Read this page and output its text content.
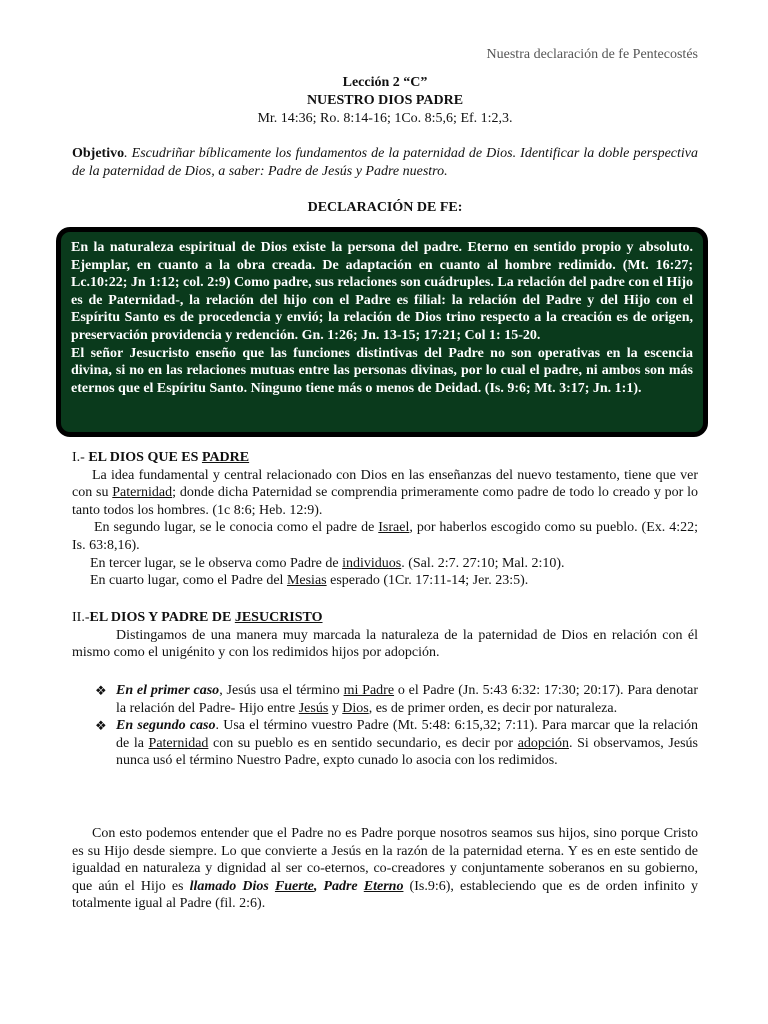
Nuestra declaración de fe Pentecostés
Lección 2 “C”
NUESTRO DIOS PADRE
Mr. 14:36; Ro. 8:14-16; 1Co. 8:5,6; Ef. 1:2,3.
Objetivo. Escudriñar bíblicamente los fundamentos de la paternidad de Dios. Identificar la doble perspectiva de la paternidad de Dios, a saber: Padre de Jesús y Padre nuestro.
DECLARACIÓN DE FE:

En la naturaleza espiritual de Dios existe la persona del padre. Eterno en sentido propio y absoluto. Ejemplar, en cuanto a la obra creada. De adaptación en cuanto al hombre redimido. (Mt. 16:27; Lc.10:22; Jn 1:12; col. 2:9) Como padre, sus relaciones son cuádruples. La relación del padre con el Hijo es de Paternidad-, la relación del hijo con el Padre es filial: la relación del Padre y del Hijo con el Espíritu Santo es de procedencia y envió; la relación de Dios trino respecto a la creación es de origen, preservación providencia y redención. Gn. 1:26; Jn. 13-15; 17:21; Col 1: 15-20.

El señor Jesucristo enseño que las funciones distintivas del Padre no son operativas en la escencia divina, si no en las relaciones mutuas entre las personas divinas, por lo cual el padre, ni ambos son más eternos que el Espíritu Santo. Ninguno tiene más o menos de Deidad. (Is. 9:6; Mt. 3:17; Jn. 1:1).

I.- EL DIOS QUE ES PADRE

La idea fundamental y central relacionado con Dios en las enseñanzas del nuevo testamento, tiene que ver con su Paternidad; donde dicha Paternidad se comprendia primeramente como padre de todo lo creado y por lo tanto todos los hombres. (1c 8:6; Heb. 12:9).

En segundo lugar, se le conocia como el padre de Israel, por haberlos escogido como su pueblo. (Ex. 4:22; Is. 63:8,16).

En tercer lugar, se le observa como Padre de individuos. (Sal. 2:7. 27:10; Mal. 2:10).

En cuarto lugar, como el Padre del Mesias esperado (1Cr. 17:11-14; Jer. 23:5).

II.-EL DIOS Y PADRE DE JESUCRISTO

Distingamos de una manera muy marcada la naturaleza de la paternidad de Dios en relación con él mismo como el unigénito y con los redimidos hijos por adopción.

❖ En el primer caso, Jesús usa el término mi Padre o el Padre (Jn. 5:43 6:32: 17:30; 20:17). Para denotar la relación del Padre- Hijo entre Jesús y Dios, es de primer orden, es decir por naturaleza.

❖ En segundo caso. Usa el término vuestro Padre (Mt. 5:48: 6:15,32; 7:11). Para marcar que la relación de la Paternidad con su pueblo es en sentido secundario, es decir por adopción. Si observamos, Jesús nunca usó el término Nuestro Padre, expto cunado lo asocia con los redimidos.

Con esto podemos entender que el Padre no es Padre porque nosotros seamos sus hijos, sino porque Cristo es su Hijo desde siempre. Lo que convierte a Jesús en la razón de la paternidad eterna. Y es en este sentido de igualdad en naturaleza y dignidad al ser co-eternos, co-creadores y conjuntamente soberanos en su gobierno, que aún el Hijo es llamado Dios Fuerte, Padre Eterno (Is.9:6), estableciendo que es de orden infinito y totalmente igual al Padre (fil. 2:6).
